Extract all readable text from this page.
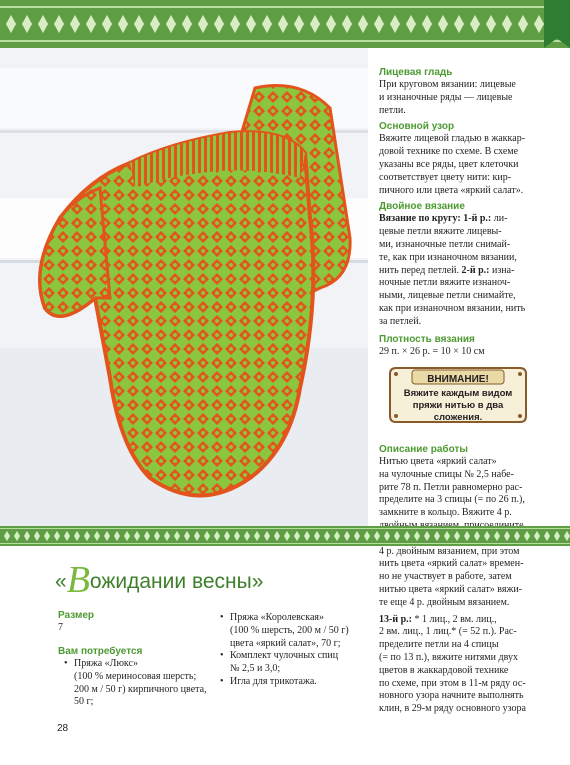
Лицевая гладь

При круговом вязании: лицевые
и изнаночные ряды — лицевые
петли.

Основной узор

Вяжите лицевой гладью в жаккар-
довой технике по схеме. В схеме
указаны все ряды, цвет клеточки
соответствует цвету нити: кир-
пичного или цвета «яркий салат».

Двойное вязание

Вязание по кругу: 1-й р.: ли-
цевые петли вяжите лицевы-
ми, изнаночные петли снимай-
те, как при изнаночном вязании,
нить перед петлей. 2-й р.: изна-
ночные петли вяжите изнаноч-
ными, лицевые петли снимайте,
как при изнаночном вязании, нить
за петлей.

Плотность вязания

29 п. × 26 р. = 10 × 10 см

ВНИМАНИЕ!
Вяжите каждым видом
пряжи нитью в два
сложения.
Описание работы

Нитью цвета «яркий салат»
на чулочные спицы № 2,5 набе-
рите 78 п. Петли равномерно рас-
пределите на 3 спицы (= по 26 п.),
замкните в кольцо. Вяжите 4 р.

4 р. двойным вязанием, при этом
нить цвета «яркий салат» времен-
но не участвует в работе, затем
нитью цвета «яркий салат» вяжи-
те еще 4 р. двойным вязанием.

13-й р.: * 1 лиц., 2 вм. лиц.,
2 вм. лиц., 1 лиц.* (= 52 п.). Рас-
пределите петли на 4 спицы
(= по 13 п.), вяжите нитями двух
цветов в жаккардовой технике
по схеме, при этом в 11-м ряду ос-
новного узора начните выполнять
клин, в 29-м ряду основного узора

«Вожидании весны»
Размер
7
Вам потребуется
• Пряжа «Люкс»
(100 % мериносовая шерсть;
200 м / 50 г) кирпичного цвета,
50 г;
• Пряжа «Королевская»
(100 % шерсть, 200 м / 50 г)
цвета «яркий салат», 70 г;
• Комплект чулочных спиц
№ 2,5 и 3,0;
• Игла для трикотажа.
28
